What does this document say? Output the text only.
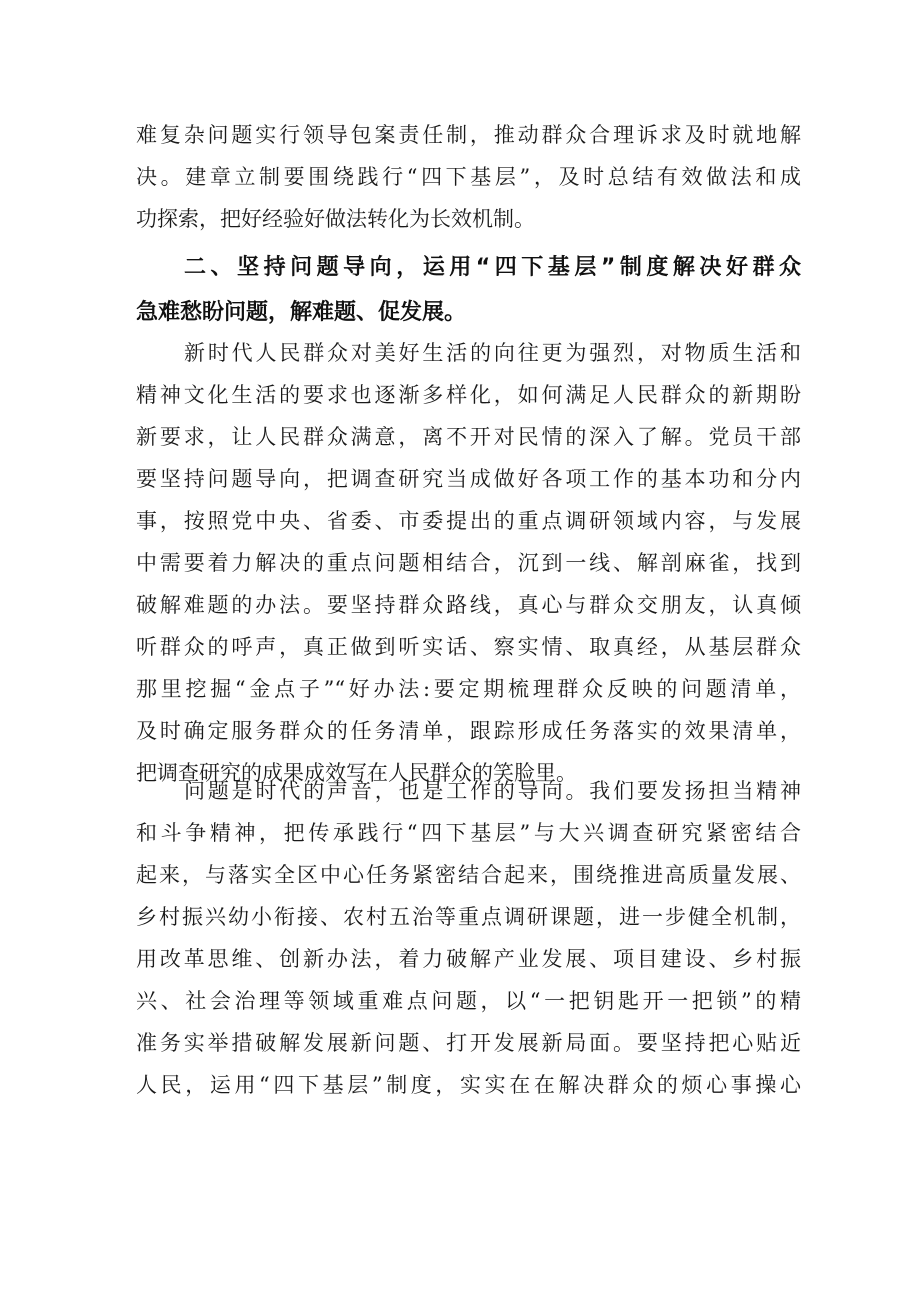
难复杂问题实行领导包案责任制，推动群众合理诉求及时就地解
决。建章立制要围绕践行“四下基层”，及时总结有效做法和成
功探索，把好经验好做法转化为长效机制。
二、坚持问题导向，运用“四下基层”制度解决好群众
急难愁盼问题，解难题、促发展。
新时代人民群众对美好生活的向往更为强烈，对物质生活和
精神文化生活的要求也逐渐多样化，如何满足人民群众的新期盼
新要求，让人民群众满意，离不开对民情的深入了解。党员干部
要坚持问题导向，把调查研究当成做好各项工作的基本功和分内
事，按照党中央、省委、市委提出的重点调研领域内容，与发展
中需要着力解决的重点问题相结合，沉到一线、解剖麻雀，找到
破解难题的办法。要坚持群众路线，真心与群众交朋友，认真倾
听群众的呼声，真正做到听实话、察实情、取真经，从基层群众
那里挖掘“金点子”“好办法:要定期梳理群众反映的问题清单，
及时确定服务群众的任务清单，跟踪形成任务落实的效果清单，
把调查研究的成果成效写在人民群众的笑脸里。
问题是时代的声音，也是工作的导向。我们要发扬担当精神
和斗争精神，把传承践行“四下基层”与大兴调查研究紧密结合
起来，与落实全区中心任务紧密结合起来，围绕推进高质量发展、
乡村振兴幼小衔接、农村五治等重点调研课题，进一步健全机制，
用改革思维、创新办法，着力破解产业发展、项目建设、乡村振
兴、社会治理等领域重难点问题，以“一把钥匙开一把锁”的精
准务实举措破解发展新问题、打开发展新局面。要坚持把心贴近
人民，运用“四下基层”制度，实实在在解决群众的烦心事操心
